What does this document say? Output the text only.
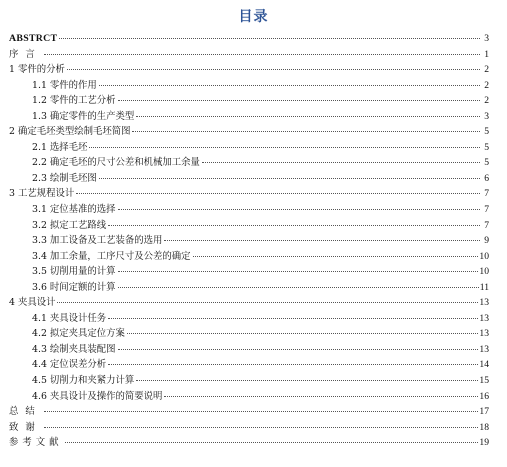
目录
ABSTRCT	3
序言	1
1 零件的分析	2
1.1 零件的作用	2
1.2 零件的工艺分析	2
1.3 确定零件的生产类型	3
2 确定毛坯类型绘制毛坯简图	5
2.1 选择毛坯	5
2.2 确定毛坯的尺寸公差和机械加工余量	5
2.3 绘制毛坯图	6
3 工艺规程设计	7
3.1 定位基准的选择	7
3.2 拟定工艺路线	7
3.3 加工设备及工艺装备的选用	9
3.4 加工余量，工序尺寸及公差的确定	10
3.5 切削用量的计算	10
3.6 时间定额的计算	11
4 夹具设计	13
4.1 夹具设计任务	13
4.2 拟定夹具定位方案	13
4.3 绘制夹具装配图	13
4.4 定位误差分析	14
4.5 切削力和夹紧力计算	15
4.6 夹具设计及操作的简要说明	16
总结	17
致谢	18
参考文献	19
